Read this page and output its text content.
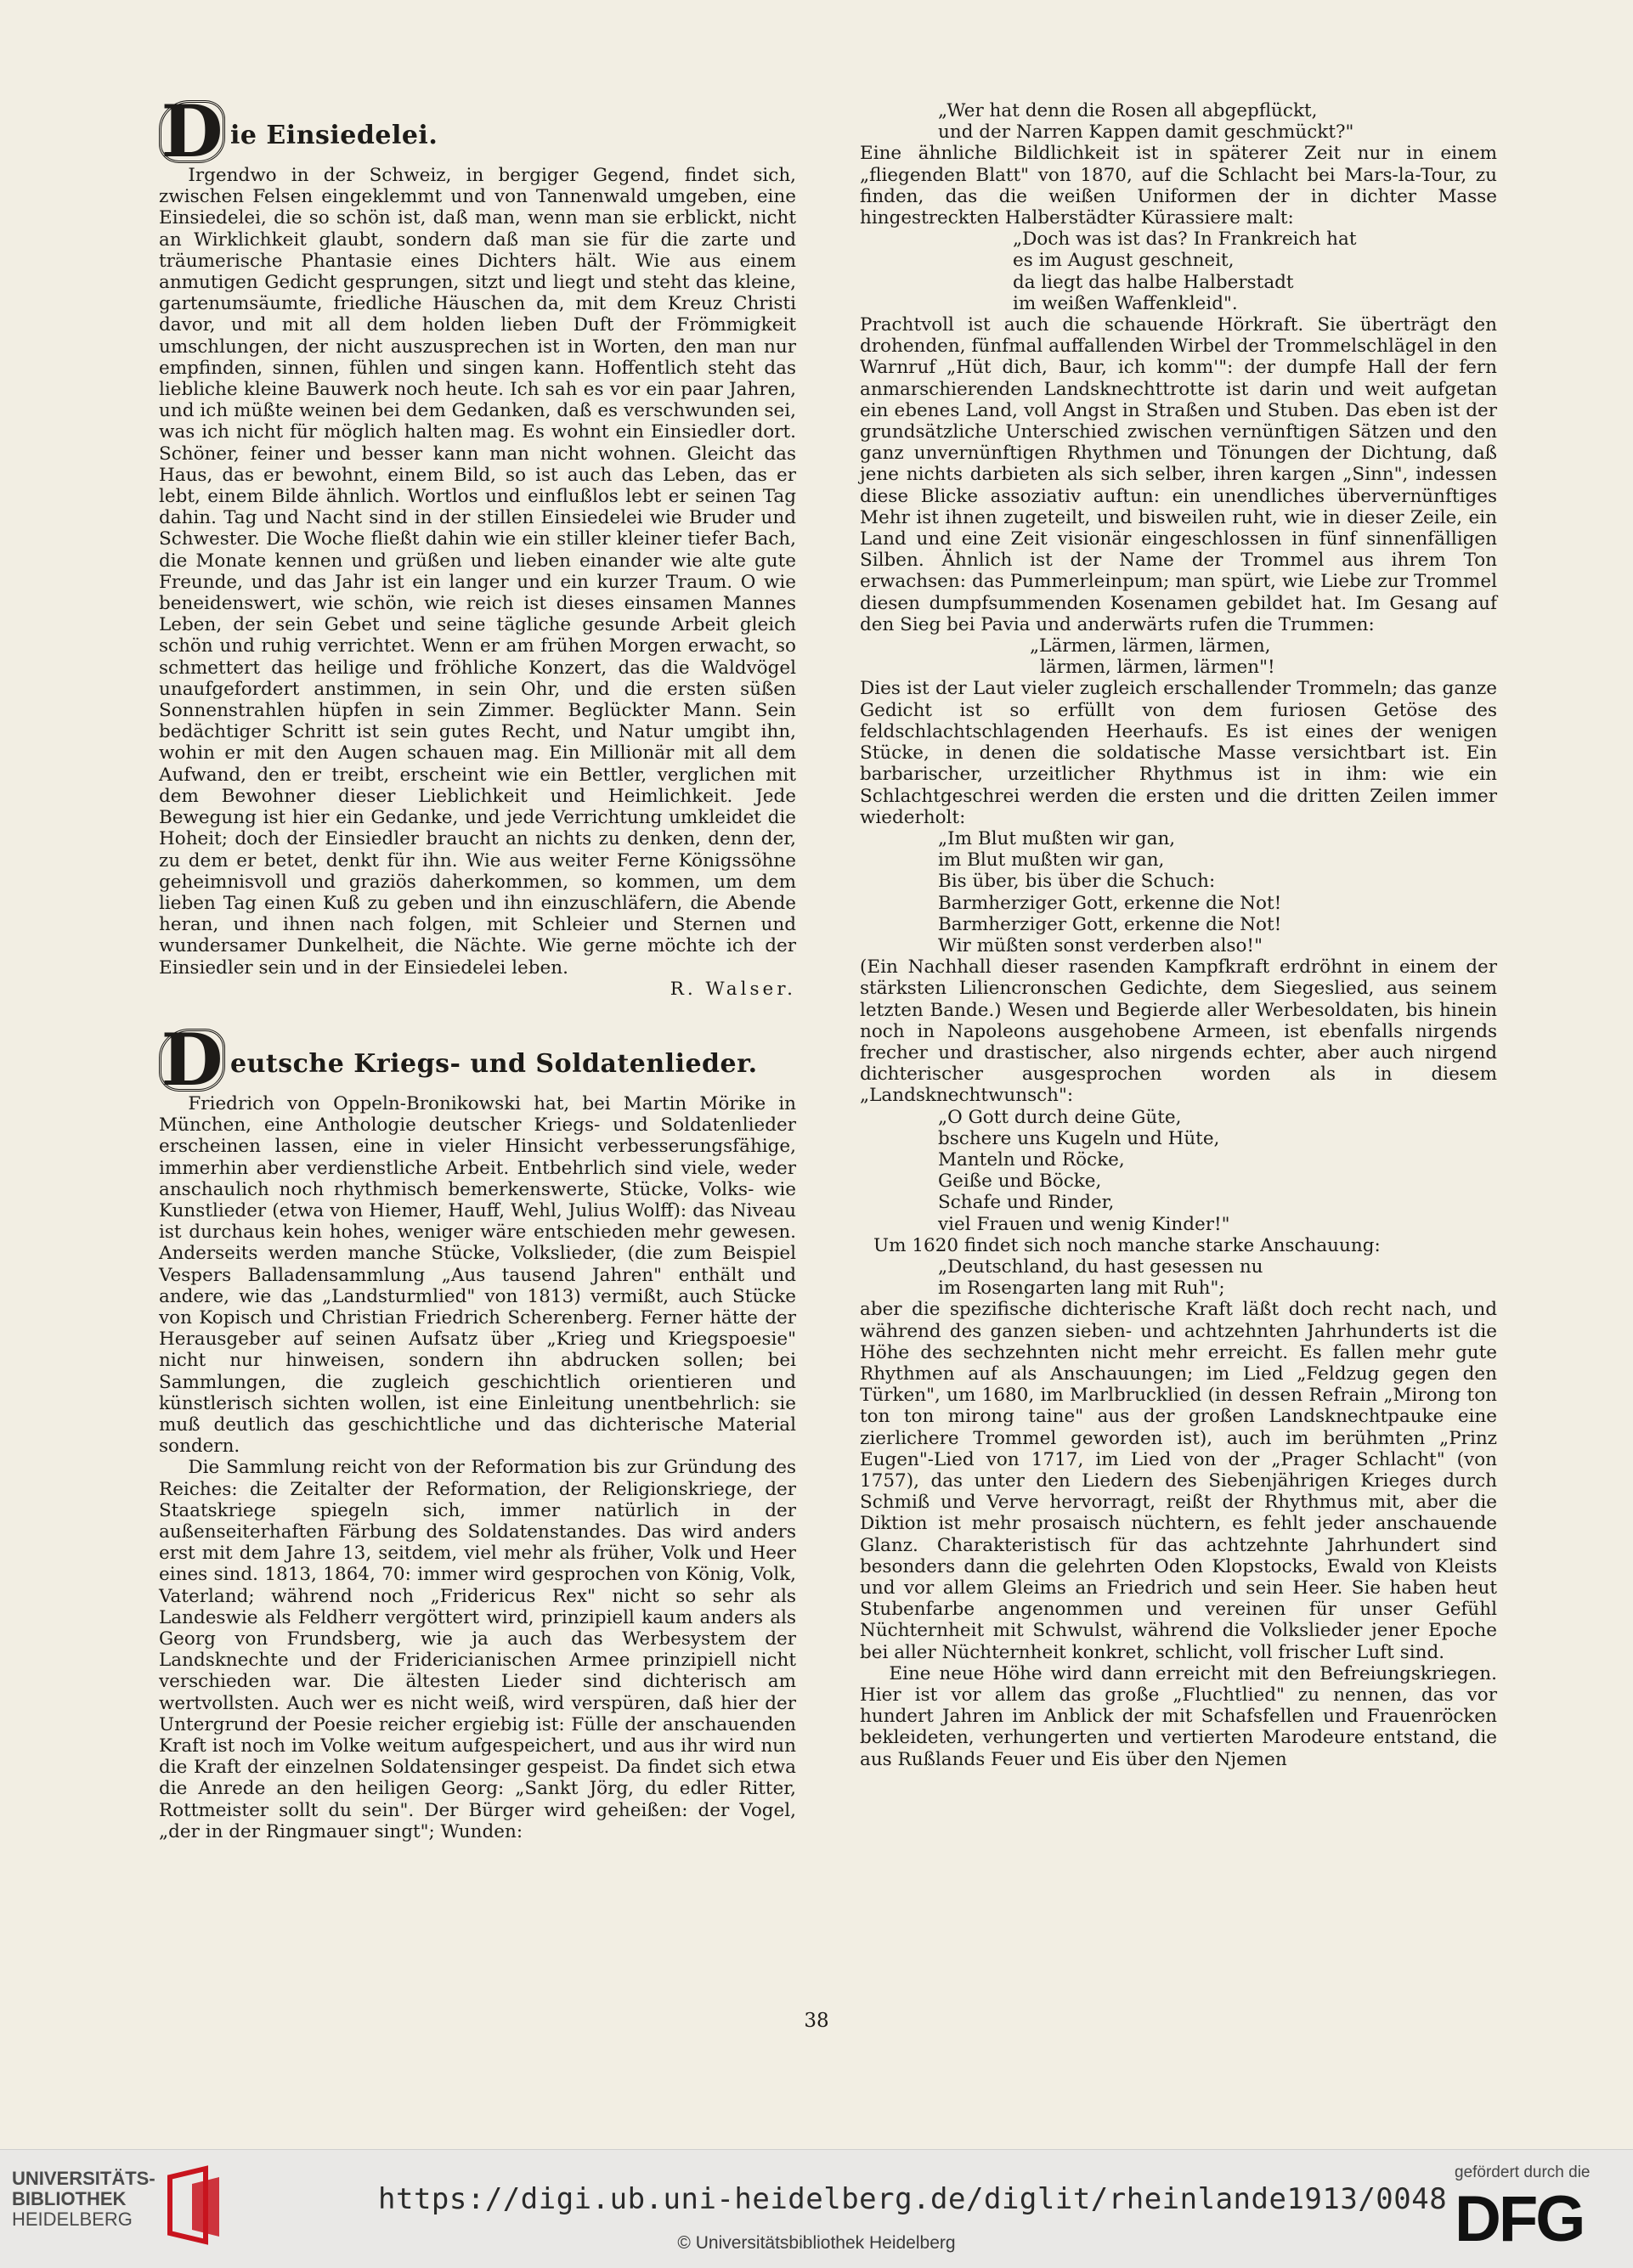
D ie Einsiedelei.

Irgendwo in der Schweiz, in bergiger Gegend, findet sich, zwischen Felsen eingeklemmt und von Tannenwald umgeben, eine Einsiedelei, die so schön ist, daß man, wenn man sie erblickt, nicht an Wirklichkeit glaubt, sondern daß man sie für die zarte und träumerische Phantasie eines Dichters hält. Wie aus einem anmutigen Gedicht gesprungen, sitzt und liegt und steht das kleine, gartenumsäumte, friedliche Häuschen da, mit dem Kreuz Christi davor, und mit all dem holden lieben Duft der Frömmigkeit umschlungen, der nicht auszusprechen ist in Worten, den man nur empfinden, sinnen, fühlen und singen kann. Hoffentlich steht das liebliche kleine Bauwerk noch heute. Ich sah es vor ein paar Jahren, und ich müßte weinen bei dem Gedanken, daß es verschwunden sei, was ich nicht für möglich halten mag. Es wohnt ein Einsiedler dort. Schöner, feiner und besser kann man nicht wohnen. Gleicht das Haus, das er bewohnt, einem Bild, so ist auch das Leben, das er lebt, einem Bilde ähnlich. Wortlos und einflußlos lebt er seinen Tag dahin. Tag und Nacht sind in der stillen Einsiedelei wie Bruder und Schwester. Die Woche fließt dahin wie ein stiller kleiner tiefer Bach, die Monate kennen und grüßen und lieben einander wie alte gute Freunde, und das Jahr ist ein langer und ein kurzer Traum. O wie beneidenswert, wie schön, wie reich ist dieses einsamen Mannes Leben, der sein Gebet und seine tägliche gesunde Arbeit gleich schön und ruhig verrichtet. Wenn er am frühen Morgen erwacht, so schmettert das heilige und fröhliche Konzert, das die Waldvögel unaufgefordert anstimmen, in sein Ohr, und die ersten süßen Sonnenstrahlen hüpfen in sein Zimmer. Beglückter Mann. Sein bedächtiger Schritt ist sein gutes Recht, und Natur umgibt ihn, wohin er mit den Augen schauen mag. Ein Millionär mit all dem Aufwand, den er treibt, erscheint wie ein Bettler, verglichen mit dem Bewohner dieser Lieblichkeit und Heimlichkeit. Jede Bewegung ist hier ein Gedanke, und jede Verrichtung umkleidet die Hoheit; doch der Einsiedler braucht an nichts zu denken, denn der, zu dem er betet, denkt für ihn. Wie aus weiter Ferne Königssöhne geheimnisvoll und graziös daherkommen, so kommen, um dem lieben Tag einen Kuß zu geben und ihn einzuschläfern, die Abende heran, und ihnen nach folgen, mit Schleier und Sternen und wundersamer Dunkelheit, die Nächte. Wie gerne möchte ich der Einsiedler sein und in der Einsiedelei leben.

R. Walser.
D eutsche Kriegs- und Soldatenlieder.

Friedrich von Oppeln-Bronikowski hat, bei Martin Mörike in München, eine Anthologie deutscher Kriegs- und Soldatenlieder erscheinen lassen, eine in vieler Hinsicht verbesserungsfähige, immerhin aber verdienstliche Arbeit. Entbehrlich sind viele, weder anschaulich noch rhythmisch bemerkenswerte, Stücke, Volks- wie Kunstlieder (etwa von Hiemer, Hauff, Wehl, Julius Wolff): das Niveau ist durchaus kein hohes, weniger wäre entschieden mehr gewesen. Anderseits werden manche Stücke, Volkslieder, (die zum Beispiel Vespers Balladensammlung „Aus tausend Jahren" enthält und andere, wie das „Landsturmlied" von 1813) vermißt, auch Stücke von Kopisch und Christian Friedrich Scherenberg. Ferner hätte der Herausgeber auf seinen Aufsatz über „Krieg und Kriegspoesie" nicht nur hinweisen, sondern ihn abdrucken sollen; bei Sammlungen, die zugleich geschichtlich orientieren und künstlerisch sichten wollen, ist eine Einleitung unentbehrlich: sie muß deutlich das geschichtliche und das dichterische Material sondern.

Die Sammlung reicht von der Reformation bis zur Gründung des Reiches: die Zeitalter der Reformation, der Religionskriege, der Staatskriege spiegeln sich, immer natürlich in der außenseiterhaften Färbung des Soldatenstandes. Das wird anders erst mit dem Jahre 13, seitdem, viel mehr als früher, Volk und Heer eines sind. 1813, 1864, 70: immer wird gesprochen von König, Volk, Vaterland; während noch „Fridericus Rex" nicht so sehr als Landeswie als Feldherr vergöttert wird, prinzipiell kaum anders als Georg von Frundsberg, wie ja auch das Werbesystem der Landsknechte und der Fridericianischen Armee prinzipiell nicht verschieden war. Die ältesten Lieder sind dichterisch am wertvollsten. Auch wer es nicht weiß, wird verspüren, daß hier der Untergrund der Poesie reicher ergiebig ist: Fülle der anschauenden Kraft ist noch im Volke weitum aufgespeichert, und aus ihr wird nun die Kraft der einzelnen Soldatensinger gespeist. Da findet sich etwa die Anrede an den heiligen Georg: „Sankt Jörg, du edler Ritter, Rottmeister sollt du sein". Der Bürger wird geheißen: der Vogel, „der in der Ringmauer singt"; Wunden:

„Wer hat denn die Rosen all abgepflückt,
und der Narren Kappen damit geschmückt?"

Eine ähnliche Bildlichkeit ist in späterer Zeit nur in einem „fliegenden Blatt" von 1870, auf die Schlacht bei Mars-la-Tour, zu finden, das die weißen Uniformen der in dichter Masse hingestreckten Halberstädter Kürassiere malt:

„Doch was ist das? In Frankreich hat
es im August geschneit,
da liegt das halbe Halberstadt
im weißen Waffenkleid".

Prachtvoll ist auch die schauende Hörkraft. Sie überträgt den drohenden, fünfmal auffallenden Wirbel der Trommelschlägel in den Warnruf „Hüt dich, Baur, ich komm'": der dumpfe Hall der fern anmarschierenden Landsknechttrotte ist darin und weit aufgetan ein ebenes Land, voll Angst in Straßen und Stuben. Das eben ist der grundsätzliche Unterschied zwischen vernünftigen Sätzen und den ganz unvernünftigen Rhythmen und Tönungen der Dichtung, daß jene nichts darbieten als sich selber, ihren kargen „Sinn", indessen diese Blicke assoziativ auftun: ein unendliches übervernünftiges Mehr ist ihnen zugeteilt, und bisweilen ruht, wie in dieser Zeile, ein Land und eine Zeit visionär eingeschlossen in fünf sinnenfälligen Silben. Ähnlich ist der Name der Trommel aus ihrem Ton erwachsen: das Pummerleinpum; man spürt, wie Liebe zur Trommel diesen dumpfsummenden Kosenamen gebildet hat. Im Gesang auf den Sieg bei Pavia und anderwärts rufen die Trummen:

„Lärmen, lärmen, lärmen,
lärmen, lärmen, lärmen"!

Dies ist der Laut vieler zugleich erschallender Trommeln; das ganze Gedicht ist so erfüllt von dem furiosen Getöse des feldschlachtschlagenden Heerhaufs. Es ist eines der wenigen Stücke, in denen die soldatische Masse versichtbart ist. Ein barbarischer, urzeitlicher Rhythmus ist in ihm: wie ein Schlachtgeschrei werden die ersten und die dritten Zeilen immer wiederholt:

„Im Blut mußten wir gan,
im Blut mußten wir gan,
Bis über, bis über die Schuch:
Barmherziger Gott, erkenne die Not!
Barmherziger Gott, erkenne die Not!
Wir müßten sonst verderben also!"

(Ein Nachhall dieser rasenden Kampfkraft erdröhnt in einem der stärksten Liliencronschen Gedichte, dem Siegeslied, aus seinem letzten Bande.) Wesen und Begierde aller Werbesoldaten, bis hinein noch in Napoleons ausgehobene Armeen, ist ebenfalls nirgends frecher und drastischer, also nirgends echter, aber auch nirgend dichterischer ausgesprochen worden als in diesem „Landsknechtwunsch":

„O Gott durch deine Güte,
bschere uns Kugeln und Hüte,
Manteln und Röcke,
Geiße und Böcke,
Schafe und Rinder,
viel Frauen und wenig Kinder!"

Um 1620 findet sich noch manche starke Anschauung:

„Deutschland, du hast gesessen nu
im Rosengarten lang mit Ruh";

aber die spezifische dichterische Kraft läßt doch recht nach, und während des ganzen sieben- und achtzehnten Jahrhunderts ist die Höhe des sechzehnten nicht mehr erreicht. Es fallen mehr gute Rhythmen auf als Anschauungen; im Lied „Feldzug gegen den Türken", um 1680, im Marlbrucklied (in dessen Refrain „Mirong ton ton ton mirong taine" aus der großen Landsknechtpauke eine zierlichere Trommel geworden ist), auch im berühmten „Prinz Eugen"-Lied von 1717, im Lied von der „Prager Schlacht" (von 1757), das unter den Liedern des Siebenjährigen Krieges durch Schmiß und Verve hervorragt, reißt der Rhythmus mit, aber die Diktion ist mehr prosaisch nüchtern, es fehlt jeder anschauende Glanz. Charakteristisch für das achtzehnte Jahrhundert sind besonders dann die gelehrten Oden Klopstocks, Ewald von Kleists und vor allem Gleims an Friedrich und sein Heer. Sie haben heut Stubenfarbe angenommen und vereinen für unser Gefühl Nüchternheit mit Schwulst, während die Volkslieder jener Epoche bei aller Nüchternheit konkret, schlicht, voll frischer Luft sind.

Eine neue Höhe wird dann erreicht mit den Befreiungskriegen. Hier ist vor allem das große „Fluchtlied" zu nennen, das vor hundert Jahren im Anblick der mit Schafsfellen und Frauenröcken bekleideten, verhungerten und vertierten Marodeure entstand, die aus Rußlands Feuer und Eis über den Njemen

38
UNIVERSITÄTS-
BIBLIOTHEK
HEIDELBERG
https://digi.ub.uni-heidelberg.de/diglit/rheinlande1913/0048
© Universitätsbibliothek Heidelberg
gefördert durch die
DFG
